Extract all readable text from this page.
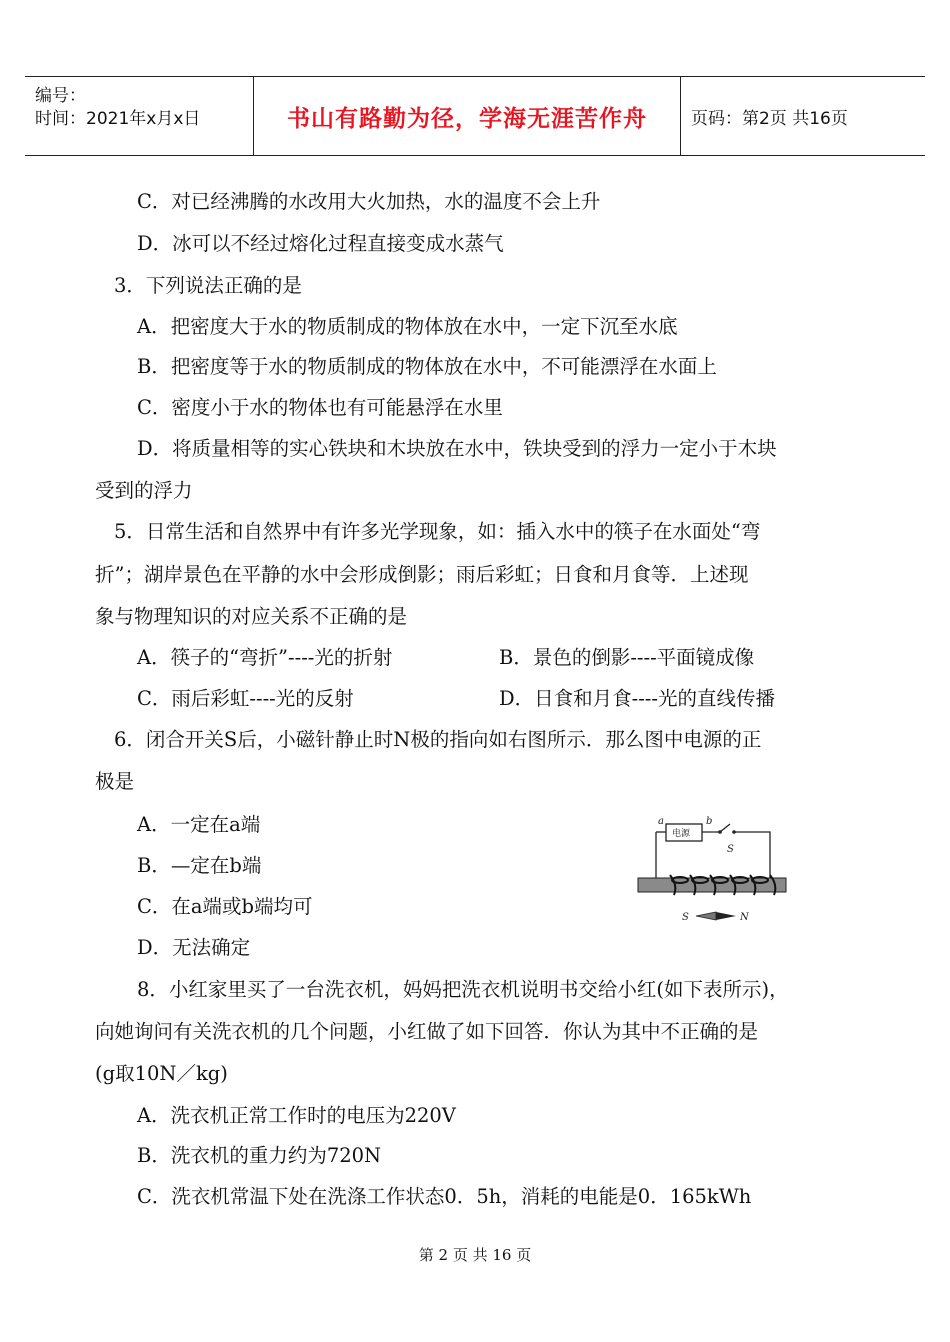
编号：
时间：2021年x月x日	书山有路勤为径，学海无涯苦作舟	页码：第2页 共16页
C．对已经沸腾的水改用大火加热，水的温度不会上升
D．冰可以不经过熔化过程直接变成水蒸气
3．下列说法正确的是
A．把密度大于水的物质制成的物体放在水中，一定下沉至水底
B．把密度等于水的物质制成的物体放在水中，不可能漂浮在水面上
C．密度小于水的物体也有可能悬浮在水里
D．将质量相等的实心铁块和木块放在水中，铁块受到的浮力一定小于木块
受到的浮力
5．日常生活和自然界中有许多光学现象，如：插入水中的筷子在水面处“弯
折”；湖岸景色在平静的水中会形成倒影；雨后彩虹；日食和月食等．上述现
象与物理知识的对应关系不正确的是
A．筷子的“弯折”----光的折射	B．景色的倒影----平面镜成像
C．雨后彩虹----光的反射	D．日食和月食----光的直线传播
6．闭合开关S后，小磁针静止时N极的指向如右图所示．那么图中电源的正
极是
A．一定在a端
B．—定在b端
C．在a端或b端均可
D．无法确定
8．小红家里买了一台洗衣机，妈妈把洗衣机说明书交给小红(如下表所示)，
向她询问有关洗衣机的几个问题，小红做了如下回答．你认为其中不正确的是
(g取10N／kg)
A．洗衣机正常工作时的电压为220V
B．洗衣机的重力约为720N
C．洗衣机常温下处在洗涤工作状态0．5h，消耗的电能是0．165kWh
a	b
S
S	N
电源
第 2 页 共 16 页
